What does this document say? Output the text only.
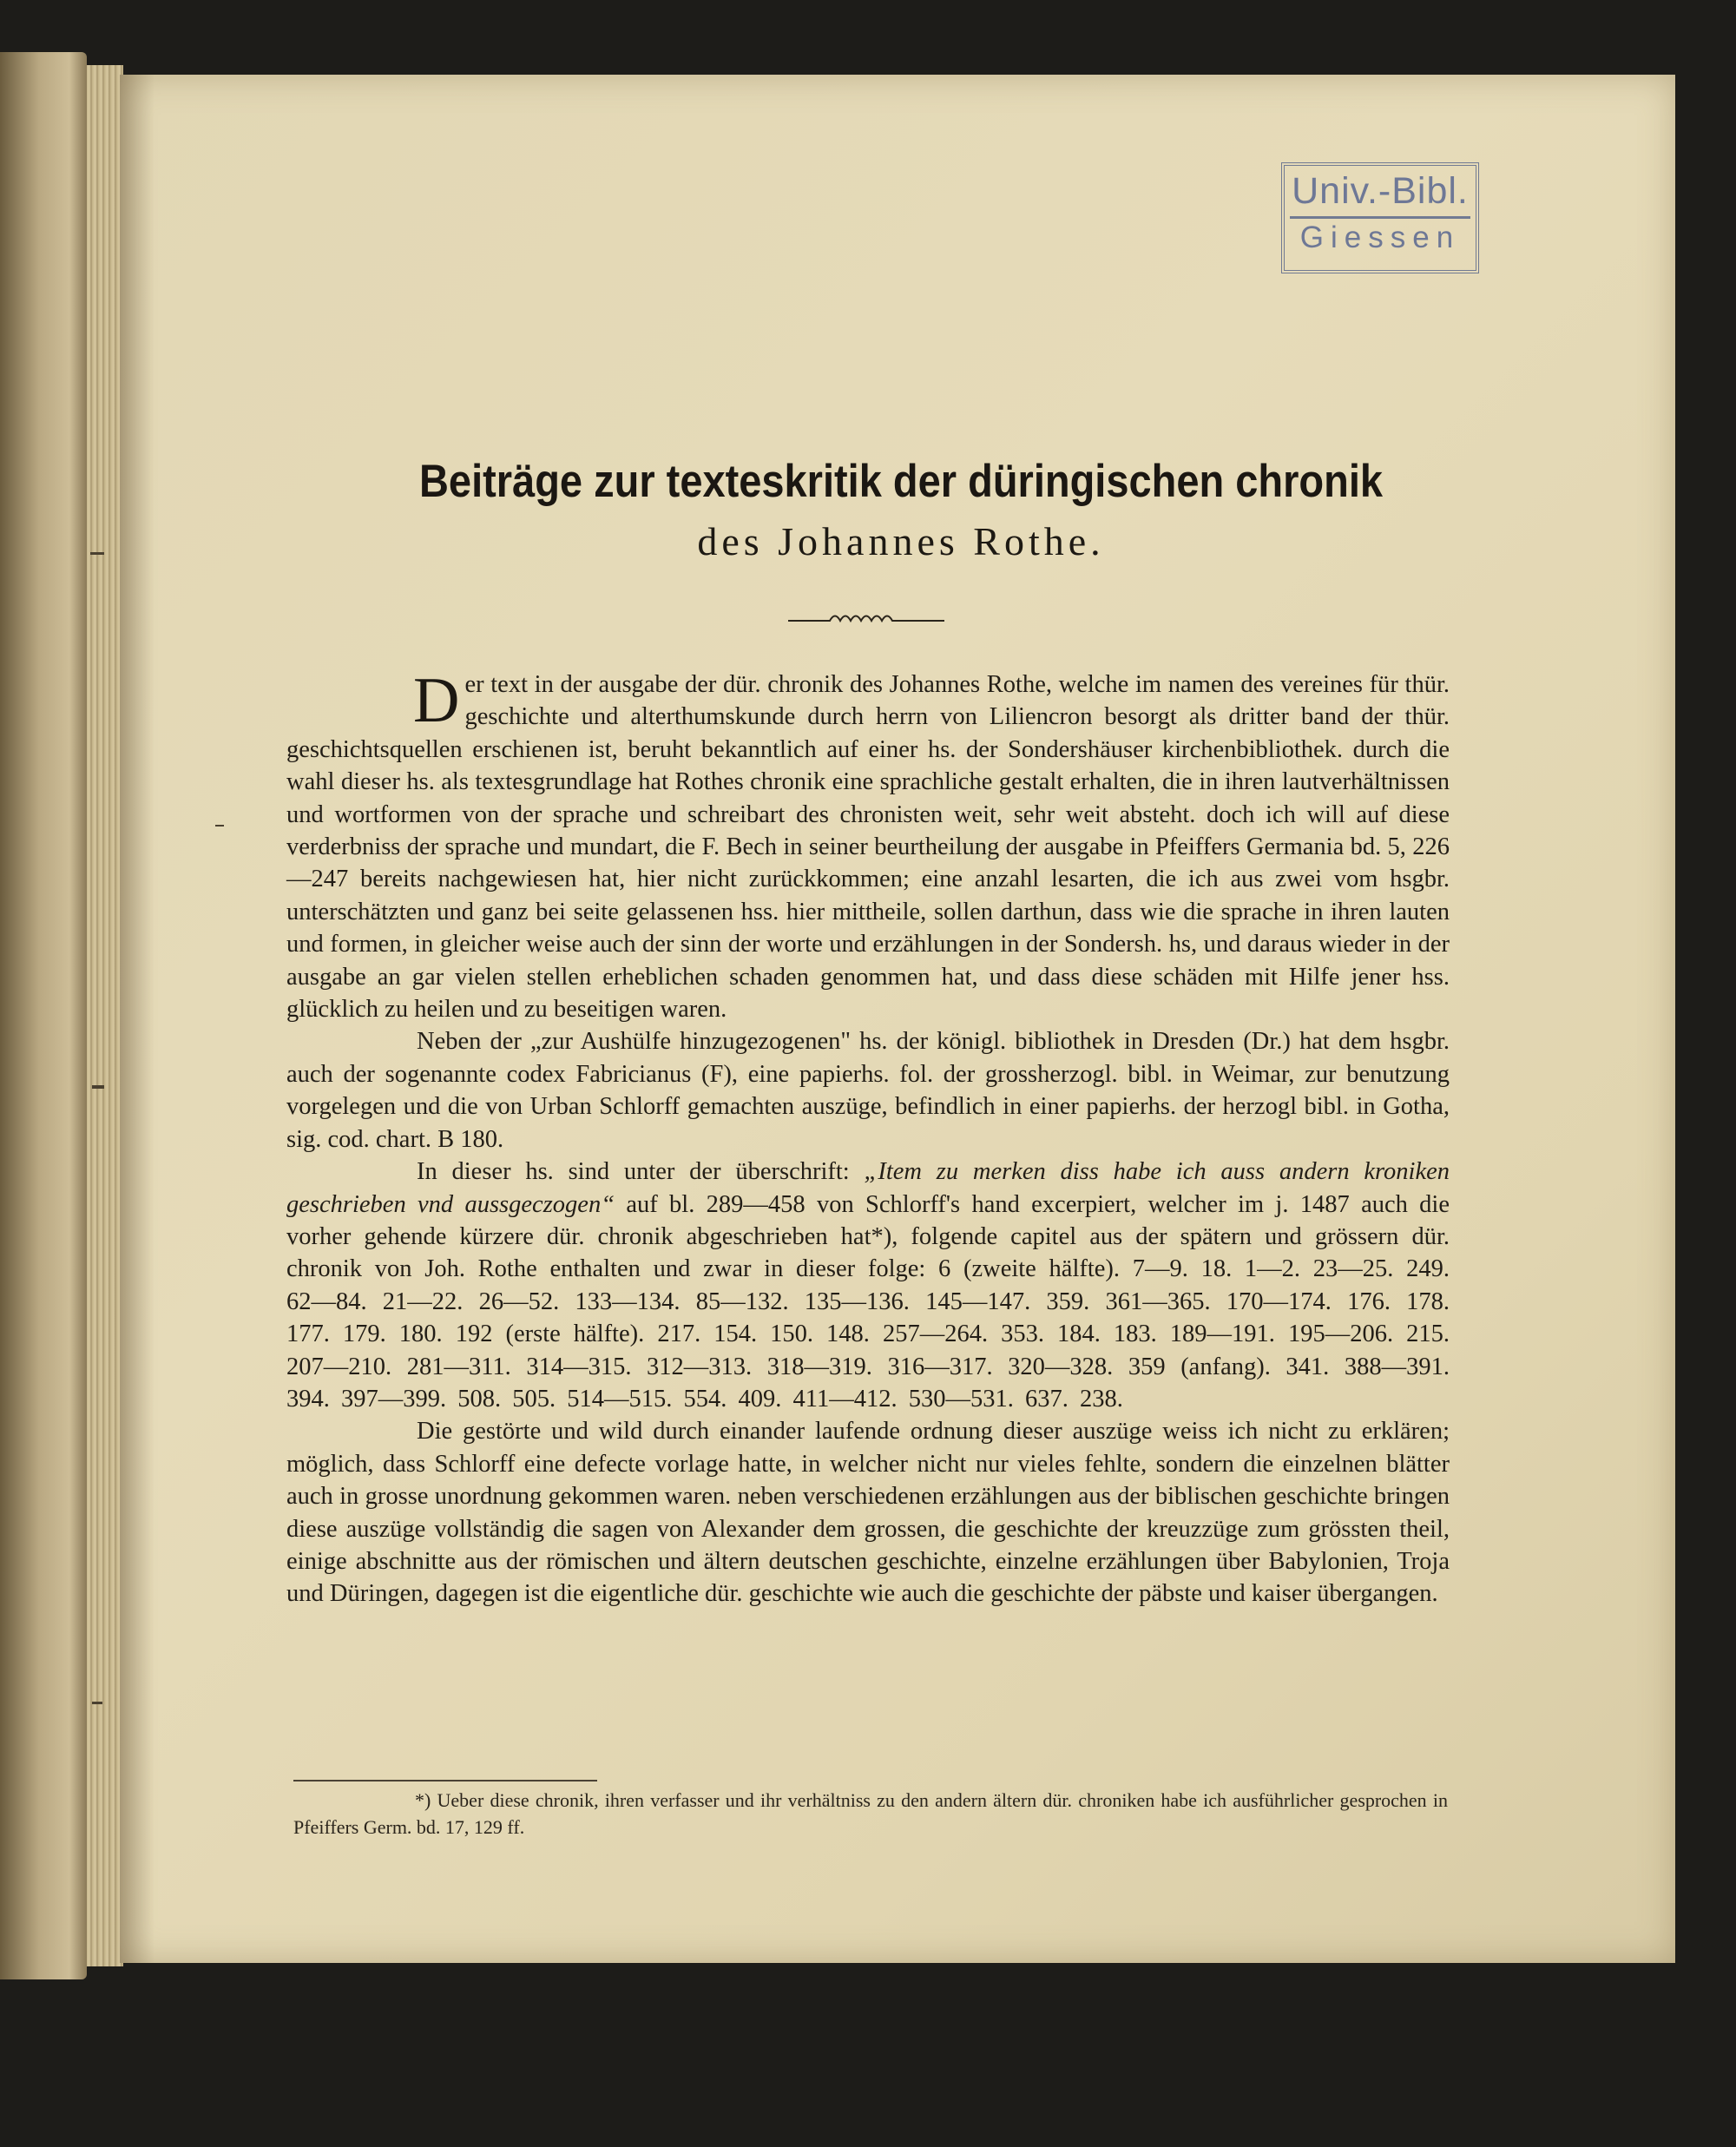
Univ.-Bibl.
Giessen
Beiträge zur texteskritik der düringischen chronik
des Johannes Rothe.

Der text in der ausgabe der dür. chronik des Johannes Rothe, welche im namen des vereines für thür. geschichte und alterthumskunde durch herrn von Liliencron besorgt als dritter band der thür. geschichtsquellen erschienen ist, beruht bekanntlich auf einer hs. der Sondershäuser kirchenbibliothek. durch die wahl dieser hs. als textesgrundlage hat Rothes chronik eine sprachliche gestalt erhalten, die in ihren lautverhältnissen und wortformen von der sprache und schreibart des chronisten weit, sehr weit absteht. doch ich will auf diese verderbniss der sprache und mundart, die F. Bech in seiner beurtheilung der ausgabe in Pfeiffers Germania bd. 5, 226—247 bereits nachgewiesen hat, hier nicht zurückkommen; eine anzahl lesarten, die ich aus zwei vom hsgbr. unterschätzten und ganz bei seite gelassenen hss. hier mittheile, sollen darthun, dass wie die sprache in ihren lauten und formen, in gleicher weise auch der sinn der worte und erzählungen in der Sondersh. hs, und daraus wieder in der ausgabe an gar vielen stellen erheblichen schaden genommen hat, und dass diese schäden mit Hilfe jener hss. glücklich zu heilen und zu beseitigen waren.

Neben der „zur Aushülfe hinzugezogenen" hs. der königl. bibliothek in Dresden (Dr.) hat dem hsgbr. auch der sogenannte codex Fabricianus (F), eine papierhs. fol. der grossherzogl. bibl. in Weimar, zur benutzung vorgelegen und die von Urban Schlorff gemachten auszüge, befindlich in einer papierhs. der herzogl bibl. in Gotha, sig. cod. chart. B 180.

In dieser hs. sind unter der überschrift: „Item zu merken diss habe ich auss andern kroniken geschrieben vnd aussgeczogen“ auf bl. 289—458 von Schlorff's hand excerpiert, welcher im j. 1487 auch die vorher gehende kürzere dür. chronik abgeschrieben hat*), folgende capitel aus der spätern und grössern dür. chronik von Joh. Rothe enthalten und zwar in dieser folge: 6 (zweite hälfte). 7—9. 18. 1—2. 23—25. 249. 62—84. 21—22. 26—52. 133—134. 85—132. 135—136. 145—147. 359. 361—365. 170—174. 176. 178. 177. 179. 180. 192 (erste hälfte). 217. 154. 150. 148. 257—264. 353. 184. 183. 189—191. 195—206. 215. 207—210. 281—311. 314—315. 312—313. 318—319. 316—317. 320—328. 359 (anfang). 341. 388—391. 394. 397—399. 508. 505. 514—515. 554. 409. 411—412. 530—531. 637. 238.

Die gestörte und wild durch einander laufende ordnung dieser auszüge weiss ich nicht zu erklären; möglich, dass Schlorff eine defecte vorlage hatte, in welcher nicht nur vieles fehlte, sondern die einzelnen blätter auch in grosse unordnung gekommen waren. neben verschiedenen erzählungen aus der biblischen geschichte bringen diese auszüge vollständig die sagen von Alexander dem grossen, die geschichte der kreuzzüge zum grössten theil, einige abschnitte aus der römischen und ältern deutschen geschichte, einzelne erzählungen über Babylonien, Troja und Düringen, dagegen ist die eigentliche dür. geschichte wie auch die geschichte der päbste und kaiser übergangen.

*) Ueber diese chronik, ihren verfasser und ihr verhältniss zu den andern ältern dür. chroniken habe ich ausführlicher gesprochen in Pfeiffers Germ. bd. 17, 129 ff.
